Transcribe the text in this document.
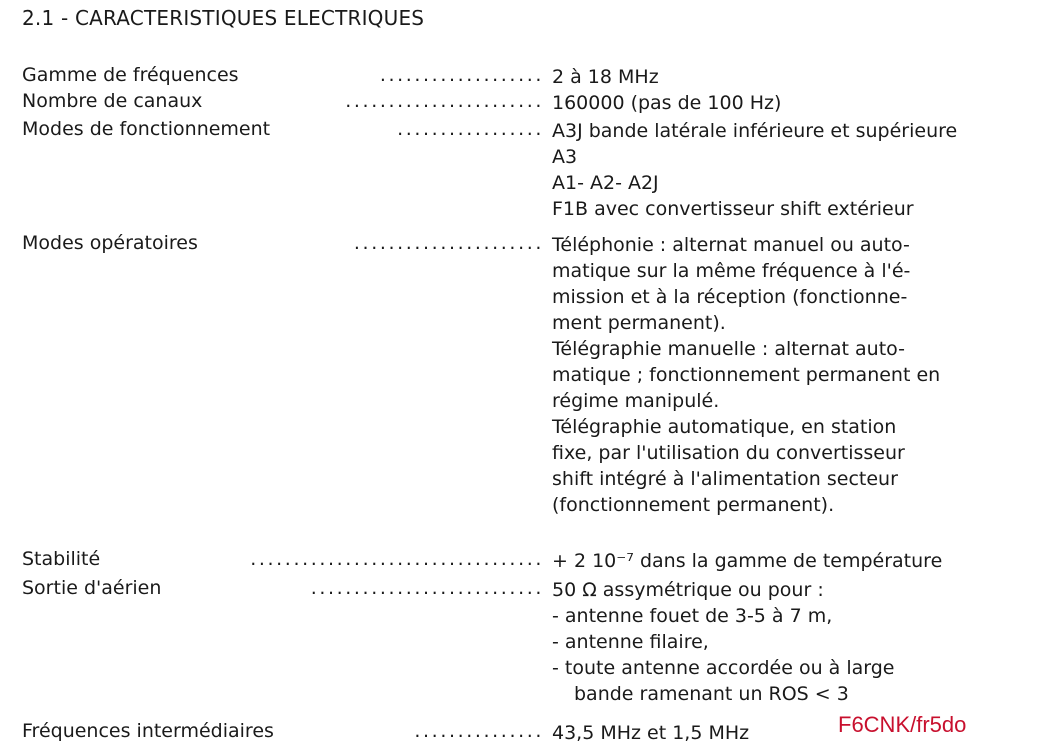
2.1 - CARACTERISTIQUES ELECTRIQUES
Gamme de fréquences	................... 2 à 18 MHz
Nombre de canaux	....................... 160000 (pas de 100 Hz)
Modes de fonctionnement	................. A3J bande latérale inférieure et supérieure
A3
A1- A2- A2J
F1B avec convertisseur shift extérieur
Modes opératoires	...................... Téléphonie : alternat manuel ou auto-
matique sur la même fréquence à l'é-
mission et à la réception (fonctionne-
ment permanent).
Télégraphie manuelle : alternat auto-
matique ; fonctionnement permanent en
régime manipulé.
Télégraphie automatique, en station
fixe, par l'utilisation du convertisseur
shift intégré à l'alimentation secteur
(fonctionnement permanent).
Stabilité	.................................. + 2 10⁻⁷ dans la gamme de température
Sortie d'aérien	........................... 50 Ω assymétrique ou pour :
- antenne fouet de 3-5 à 7 m,
- antenne filaire,
- toute antenne accordée ou à large
bande ramenant un ROS < 3
Fréquences intermédiaires	............... 43,5 MHz et 1,5 MHz	F6CNK/fr5do
